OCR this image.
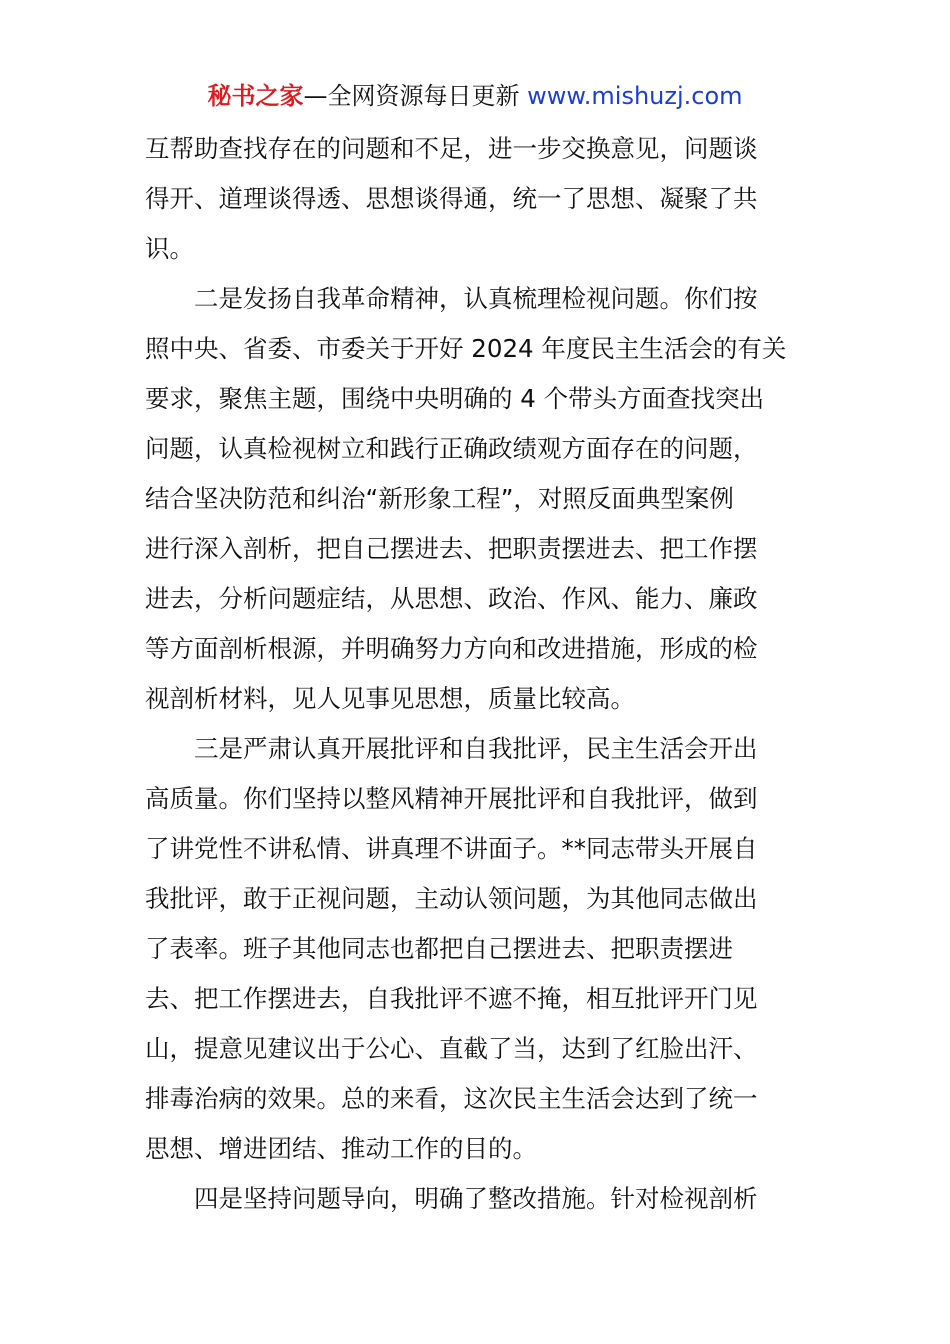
秘书之家—全网资源每日更新 www.mishuzj.com
互帮助查找存在的问题和不足，进一步交换意见，问题谈
得开、道理谈得透、思想谈得通，统一了思想、凝聚了共
识。
二是发扬自我革命精神，认真梳理检视问题。你们按
照中央、省委、市委关于开好 2024 年度民主生活会的有关
要求，聚焦主题，围绕中央明确的 4 个带头方面查找突出
问题，认真检视树立和践行正确政绩观方面存在的问题，
结合坚决防范和纠治“新形象工程”，对照反面典型案例
进行深入剖析，把自己摆进去、把职责摆进去、把工作摆
进去，分析问题症结，从思想、政治、作风、能力、廉政
等方面剖析根源，并明确努力方向和改进措施，形成的检
视剖析材料，见人见事见思想，质量比较高。
三是严肃认真开展批评和自我批评，民主生活会开出
高质量。你们坚持以整风精神开展批评和自我批评，做到
了讲党性不讲私情、讲真理不讲面子。**同志带头开展自
我批评，敢于正视问题，主动认领问题，为其他同志做出
了表率。班子其他同志也都把自己摆进去、把职责摆进
去、把工作摆进去，自我批评不遮不掩，相互批评开门见
山，提意见建议出于公心、直截了当，达到了红脸出汗、
排毒治病的效果。总的来看，这次民主生活会达到了统一
思想、增进团结、推动工作的目的。
四是坚持问题导向，明确了整改措施。针对检视剖析
